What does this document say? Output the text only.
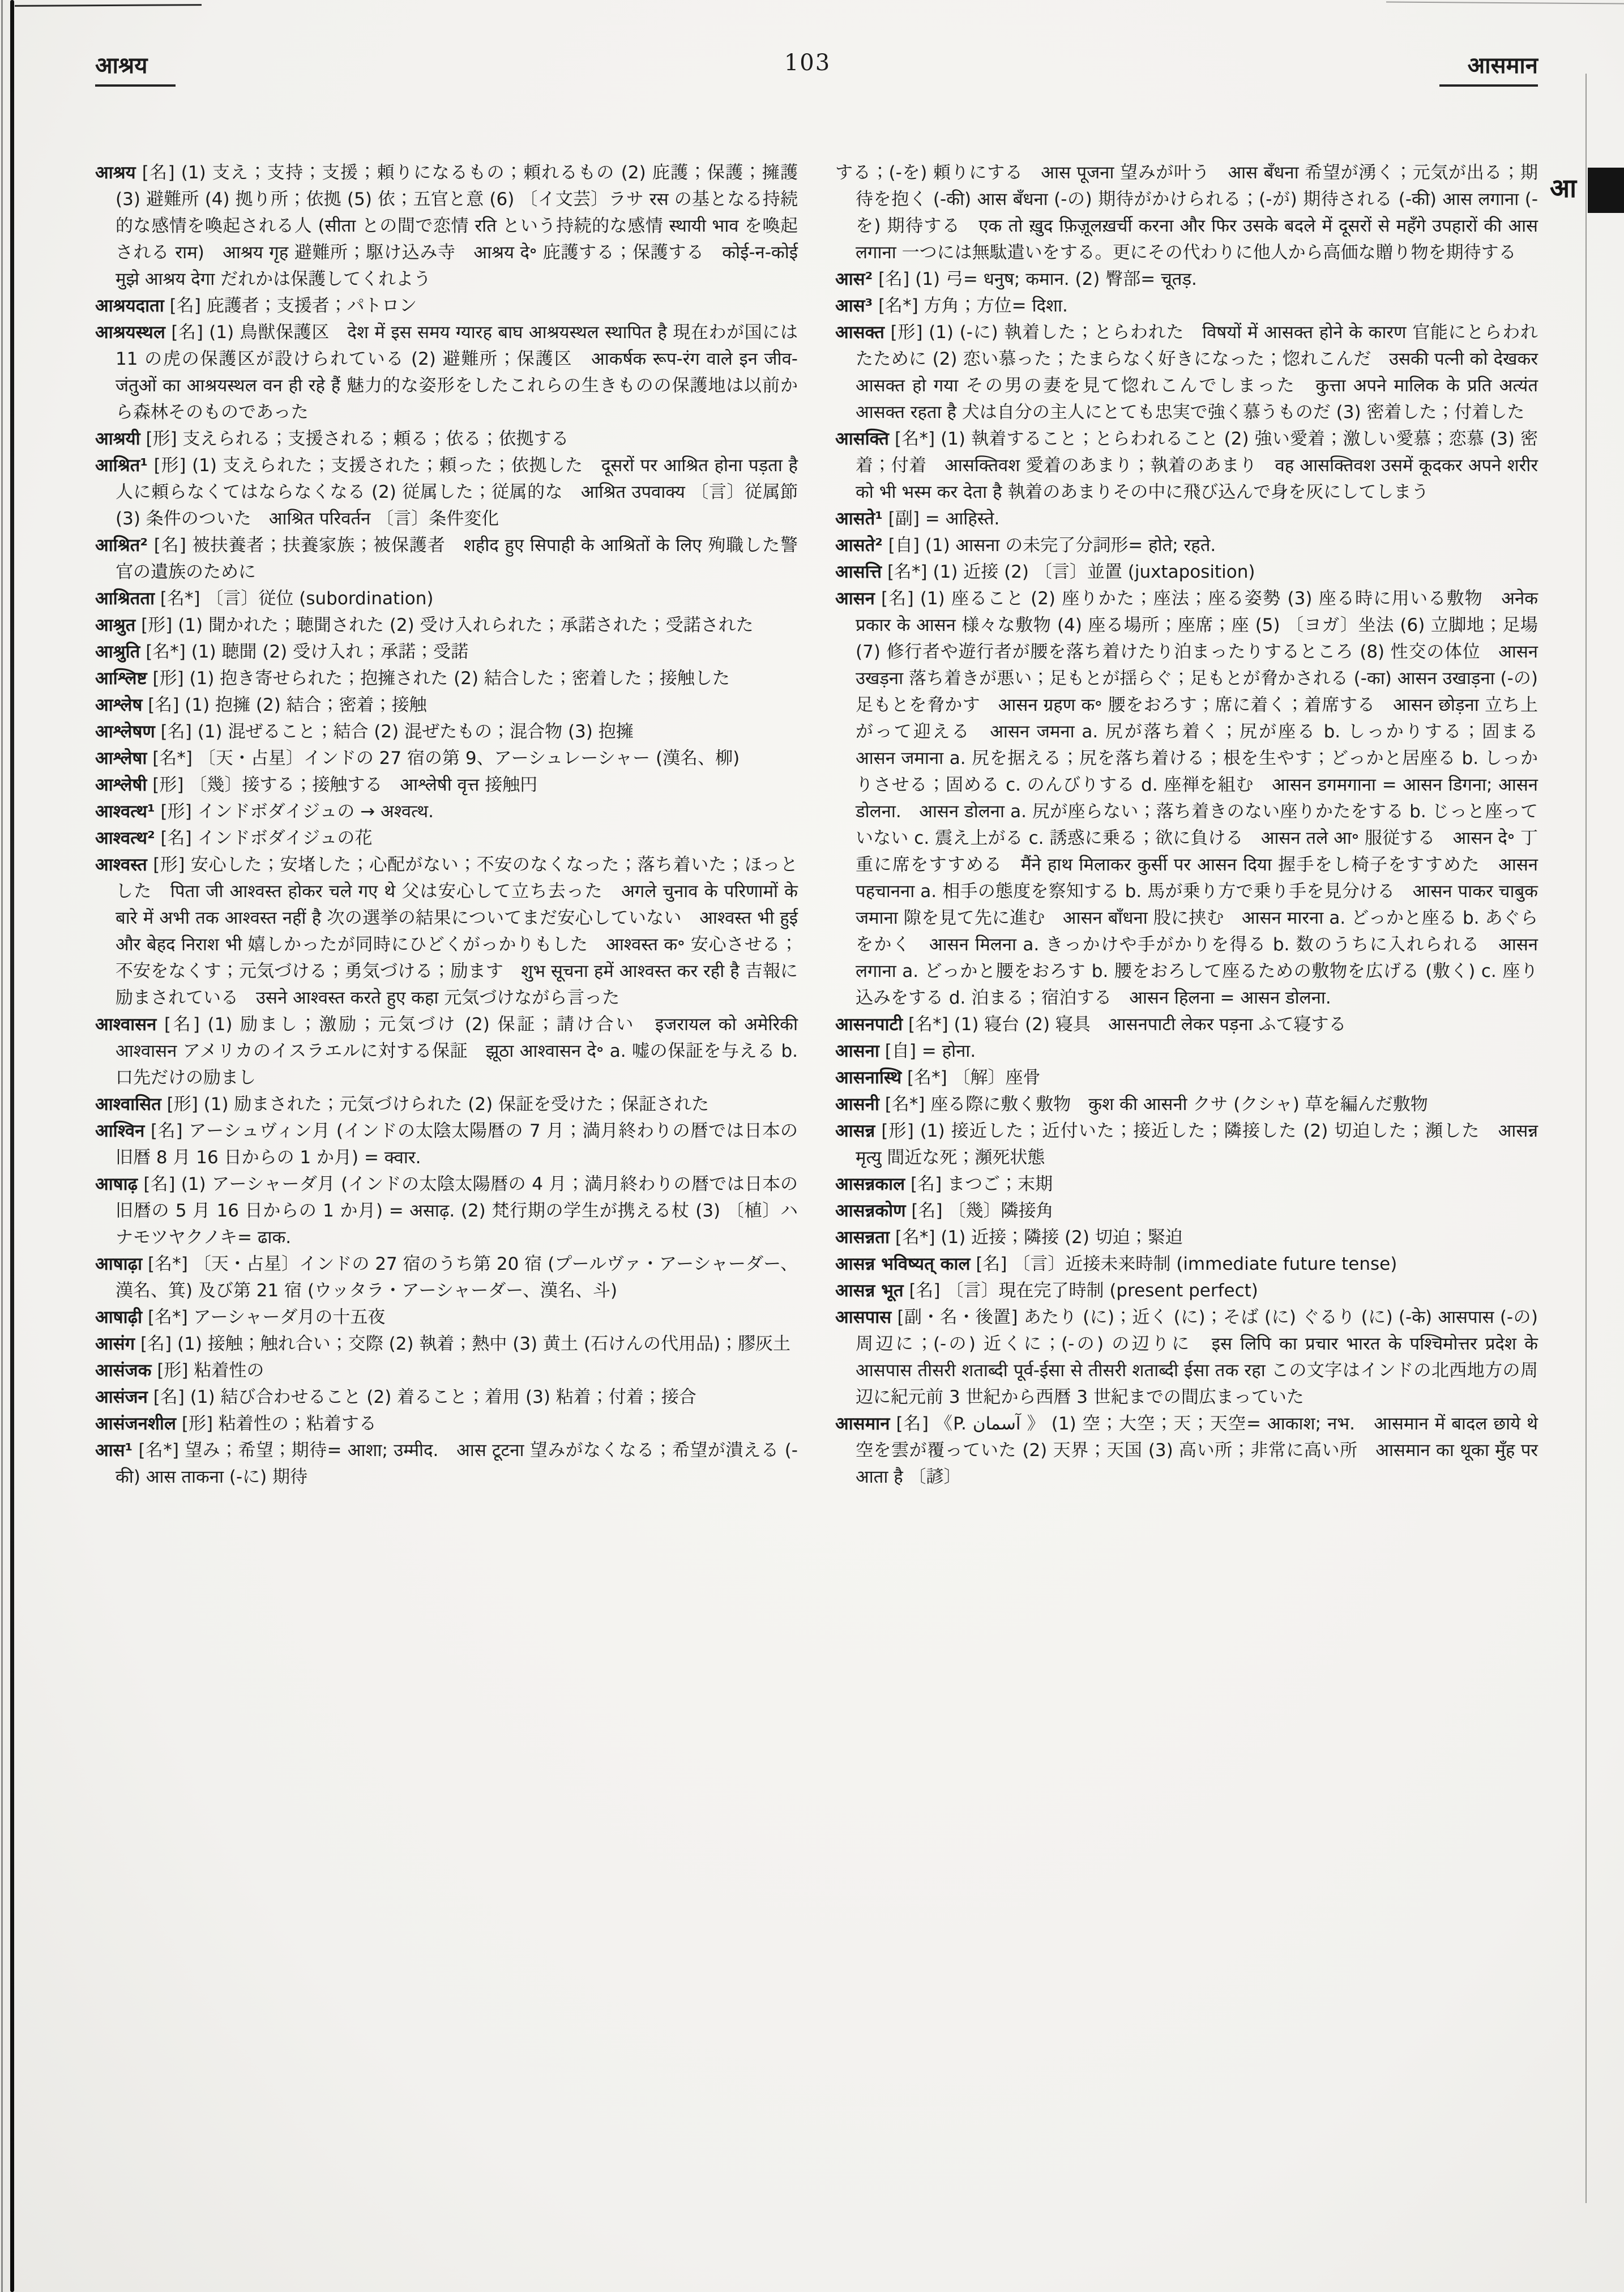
आ
आश्रय	103	आसमान

आश्रय [名] (1) 支え；支持；支援；頼りになるもの；頼れるもの (2) 庇護；保護；擁護 (3) 避難所 (4) 拠り所；依拠 (5) 依；五官と意 (6) 〔イ文芸〕ラサ रस の基となる持続的な感情を喚起される人 (सीता との間で恋情 रति という持続的な感情 स्थायी भाव を喚起される राम)　आश्रय गृह 避難所；駆け込み寺　आश्रय दे॰ 庇護する；保護する　कोई-न-कोई मुझे आश्रय देगा だれかは保護してくれよう

आश्रयदाता [名] 庇護者；支援者；パトロン

आश्रयस्थल [名] (1) 鳥獣保護区　देश में इस समय ग्यारह बाघ आश्रयस्थल स्थापित है 現在わが国には 11 の虎の保護区が設けられている (2) 避難所；保護区　आकर्षक रूप-रंग वाले इन जीव-जंतुओं का आश्रयस्थल वन ही रहे हैं 魅力的な姿形をしたこれらの生きものの保護地は以前から森林そのものであった

आश्रयी [形] 支えられる；支援される；頼る；依る；依拠する

आश्रित¹ [形] (1) 支えられた；支援された；頼った；依拠した　दूसरों पर आश्रित होना पड़ता है 人に頼らなくてはならなくなる (2) 従属した；従属的な　आश्रित उपवाक्य 〔言〕従属節 (3) 条件のついた　आश्रित परिवर्तन 〔言〕条件変化

आश्रित² [名] 被扶養者；扶養家族；被保護者　शहीद हुए सिपाही के आश्रितों के लिए 殉職した警官の遺族のために

आश्रितता [名*] 〔言〕従位 (subordination)

आश्रुत [形] (1) 聞かれた；聴聞された (2) 受け入れられた；承諾された；受諾された

आश्रुति [名*] (1) 聴聞 (2) 受け入れ；承諾；受諾

आश्लिष्ट [形] (1) 抱き寄せられた；抱擁された (2) 結合した；密着した；接触した

आश्लेष [名] (1) 抱擁 (2) 結合；密着；接触

आश्लेषण [名] (1) 混ぜること；結合 (2) 混ぜたもの；混合物 (3) 抱擁

आश्लेषा [名*] 〔天・占星〕インドの 27 宿の第 9、アーシュレーシャー (漢名、柳)

आश्लेषी [形] 〔幾〕接する；接触する　आश्लेषी वृत्त 接触円

आश्वत्थ¹ [形] インドボダイジュの → अश्वत्थ.

आश्वत्थ² [名] インドボダイジュの花

आश्वस्त [形] 安心した；安堵した；心配がない；不安のなくなった；落ち着いた；ほっとした　पिता जी आश्वस्त होकर चले गए थे 父は安心して立ち去った　अगले चुनाव के परिणामों के बारे में अभी तक आश्वस्त नहीं है 次の選挙の結果についてまだ安心していない　आश्वस्त भी हुई और बेहद निराश भी 嬉しかったが同時にひどくがっかりもした　आश्वस्त क॰ 安心させる；不安をなくす；元気づける；勇気づける；励ます　शुभ सूचना हमें आश्वस्त कर रही है 吉報に励まされている　उसने आश्वस्त करते हुए कहा 元気づけながら言った

आश्वासन [名] (1) 励まし；激励；元気づけ (2) 保証；請け合い　इजरायल को अमेरिकी आश्वासन アメリカのイスラエルに対する保証　झूठा आश्वासन दे॰ a. 嘘の保証を与える b. 口先だけの励まし

आश्वासित [形] (1) 励まされた；元気づけられた (2) 保証を受けた；保証された

आश्विन [名] アーシュヴィン月 (インドの太陰太陽暦の 7 月；満月終わりの暦では日本の旧暦 8 月 16 日からの 1 か月) = क्वार.

आषाढ़ [名] (1) アーシャーダ月 (インドの太陰太陽暦の 4 月；満月終わりの暦では日本の旧暦の 5 月 16 日からの 1 か月) = असाढ़. (2) 梵行期の学生が携える杖 (3) 〔植〕ハナモツヤクノキ= ढाक.

आषाढ़ा [名*] 〔天・占星〕インドの 27 宿のうち第 20 宿 (プールヴァ・アーシャーダー、漢名、箕) 及び第 21 宿 (ウッタラ・アーシャーダー、漢名、斗)

आषाढ़ी [名*] アーシャーダ月の十五夜

आसंग [名] (1) 接触；触れ合い；交際 (2) 執着；熱中 (3) 黄土 (石けんの代用品)；膠灰土

आसंजक [形] 粘着性の

आसंजन [名] (1) 結び合わせること (2) 着ること；着用 (3) 粘着；付着；接合

आसंजनशील [形] 粘着性の；粘着する

आस¹ [名*] 望み；希望；期待= आशा; उम्मीद.　आस टूटना 望みがなくなる；希望が潰える (-की) आस ताकना (-に) 期待

する；(-を) 頼りにする　आस पूजना 望みが叶う　आस बँधना 希望が湧く；元気が出る；期待を抱く (-की) आस बँधना (-の) 期待がかけられる；(-が) 期待される (-की) आस लगाना (-を) 期待する　एक तो ख़ुद फ़िज़ूलख़र्ची करना और फिर उसके बदले में दूसरों से महँगे उपहारों की आस लगाना 一つには無駄遣いをする。更にその代わりに他人から高価な贈り物を期待する

आस² [名] (1) 弓= धनुष; कमान. (2) 臀部= चूतड़.

आस³ [名*] 方角；方位= दिशा.

आसक्त [形] (1) (-に) 執着した；とらわれた　विषयों में आसक्त होने के कारण 官能にとらわれたために (2) 恋い慕った；たまらなく好きになった；惚れこんだ　उसकी पत्नी को देखकर आसक्त हो गया その男の妻を見て惚れこんでしまった　कुत्ता अपने मालिक के प्रति अत्यंत आसक्त रहता है 犬は自分の主人にとても忠実で強く慕うものだ (3) 密着した；付着した

आसक्ति [名*] (1) 執着すること；とらわれること (2) 強い愛着；激しい愛慕；恋慕 (3) 密着；付着　आसक्तिवश 愛着のあまり；執着のあまり　वह आसक्तिवश उसमें कूदकर अपने शरीर को भी भस्म कर देता है 執着のあまりその中に飛び込んで身を灰にしてしまう

आसते¹ [副] = आहिस्ते.

आसते² [自] (1) आसना の未完了分詞形= होते; रहते.

आसत्ति [名*] (1) 近接 (2) 〔言〕並置 (juxtaposition)

आसन [名] (1) 座ること (2) 座りかた；座法；座る姿勢 (3) 座る時に用いる敷物　अनेक प्रकार के आसन 様々な敷物 (4) 座る場所；座席；座 (5) 〔ヨガ〕坐法 (6) 立脚地；足場 (7) 修行者や遊行者が腰を落ち着けたり泊まったりするところ (8) 性交の体位　आसन उखड़ना 落ち着きが悪い；足もとが揺らぐ；足もとが脅かされる (-का) आसन उखाड़ना (-の) 足もとを脅かす　आसन ग्रहण क॰ 腰をおろす；席に着く；着席する　आसन छोड़ना 立ち上がって迎える　आसन जमना a. 尻が落ち着く；尻が座る b. しっかりする；固まる　आसन जमाना a. 尻を据える；尻を落ち着ける；根を生やす；どっかと居座る b. しっかりさせる；固める c. のんびりする d. 座禅を組む　आसन डगमगाना = आसन डिगना; आसन डोलना.　आसन डोलना a. 尻が座らない；落ち着きのない座りかたをする b. じっと座っていない c. 震え上がる c. 誘惑に乗る；欲に負ける　आसन तले आ॰ 服従する　आसन दे॰ 丁重に席をすすめる　मैंने हाथ मिलाकर कुर्सी पर आसन दिया 握手をし椅子をすすめた　आसन पहचानना a. 相手の態度を察知する b. 馬が乗り方で乗り手を見分ける　आसन पाकर चाबुक जमाना 隙を見て先に進む　आसन बाँधना 股に挟む　आसन मारना a. どっかと座る b. あぐらをかく　आसन मिलना a. きっかけや手がかりを得る b. 数のうちに入れられる　आसन लगाना a. どっかと腰をおろす b. 腰をおろして座るための敷物を広げる (敷く) c. 座り込みをする d. 泊まる；宿泊する　आसन हिलना = आसन डोलना.

आसनपाटी [名*] (1) 寝台 (2) 寝具　आसनपाटी लेकर पड़ना ふて寝する

आसना [自] = होना.

आसनास्थि [名*] 〔解〕座骨

आसनी [名*] 座る際に敷く敷物　कुश की आसनी クサ (クシャ) 草を編んだ敷物

आसन्न [形] (1) 接近した；近付いた；接近した；隣接した (2) 切迫した；瀕した　आसन्न मृत्यु 間近な死；瀕死状態

आसन्नकाल [名] まつご；末期

आसन्नकोण [名] 〔幾〕隣接角

आसन्नता [名*] (1) 近接；隣接 (2) 切迫；緊迫

आसन्न भविष्यत् काल [名] 〔言〕近接未来時制 (immediate future tense)

आसन्न भूत [名] 〔言〕現在完了時制 (present perfect)

आसपास [副・名・後置] あたり (に)；近く (に)；そば (に) ぐるり (に) (-के) आसपास (-の) 周辺に；(-の) 近くに；(-の) の辺りに　इस लिपि का प्रचार भारत के पश्चिमोत्तर प्रदेश के आसपास तीसरी शताब्दी पूर्व-ईसा से तीसरी शताब्दी ईसा तक रहा この文字はインドの北西地方の周辺に紀元前 3 世紀から西暦 3 世紀までの間広まっていた

आसमान [名] 《P. آسمان 》 (1) 空；大空；天；天空= आकाश; नभ.　आसमान में बादल छाये थे 空を雲が覆っていた (2) 天界；天国 (3) 高い所；非常に高い所　आसमान का थूका मुँह पर आता है 〔諺〕
